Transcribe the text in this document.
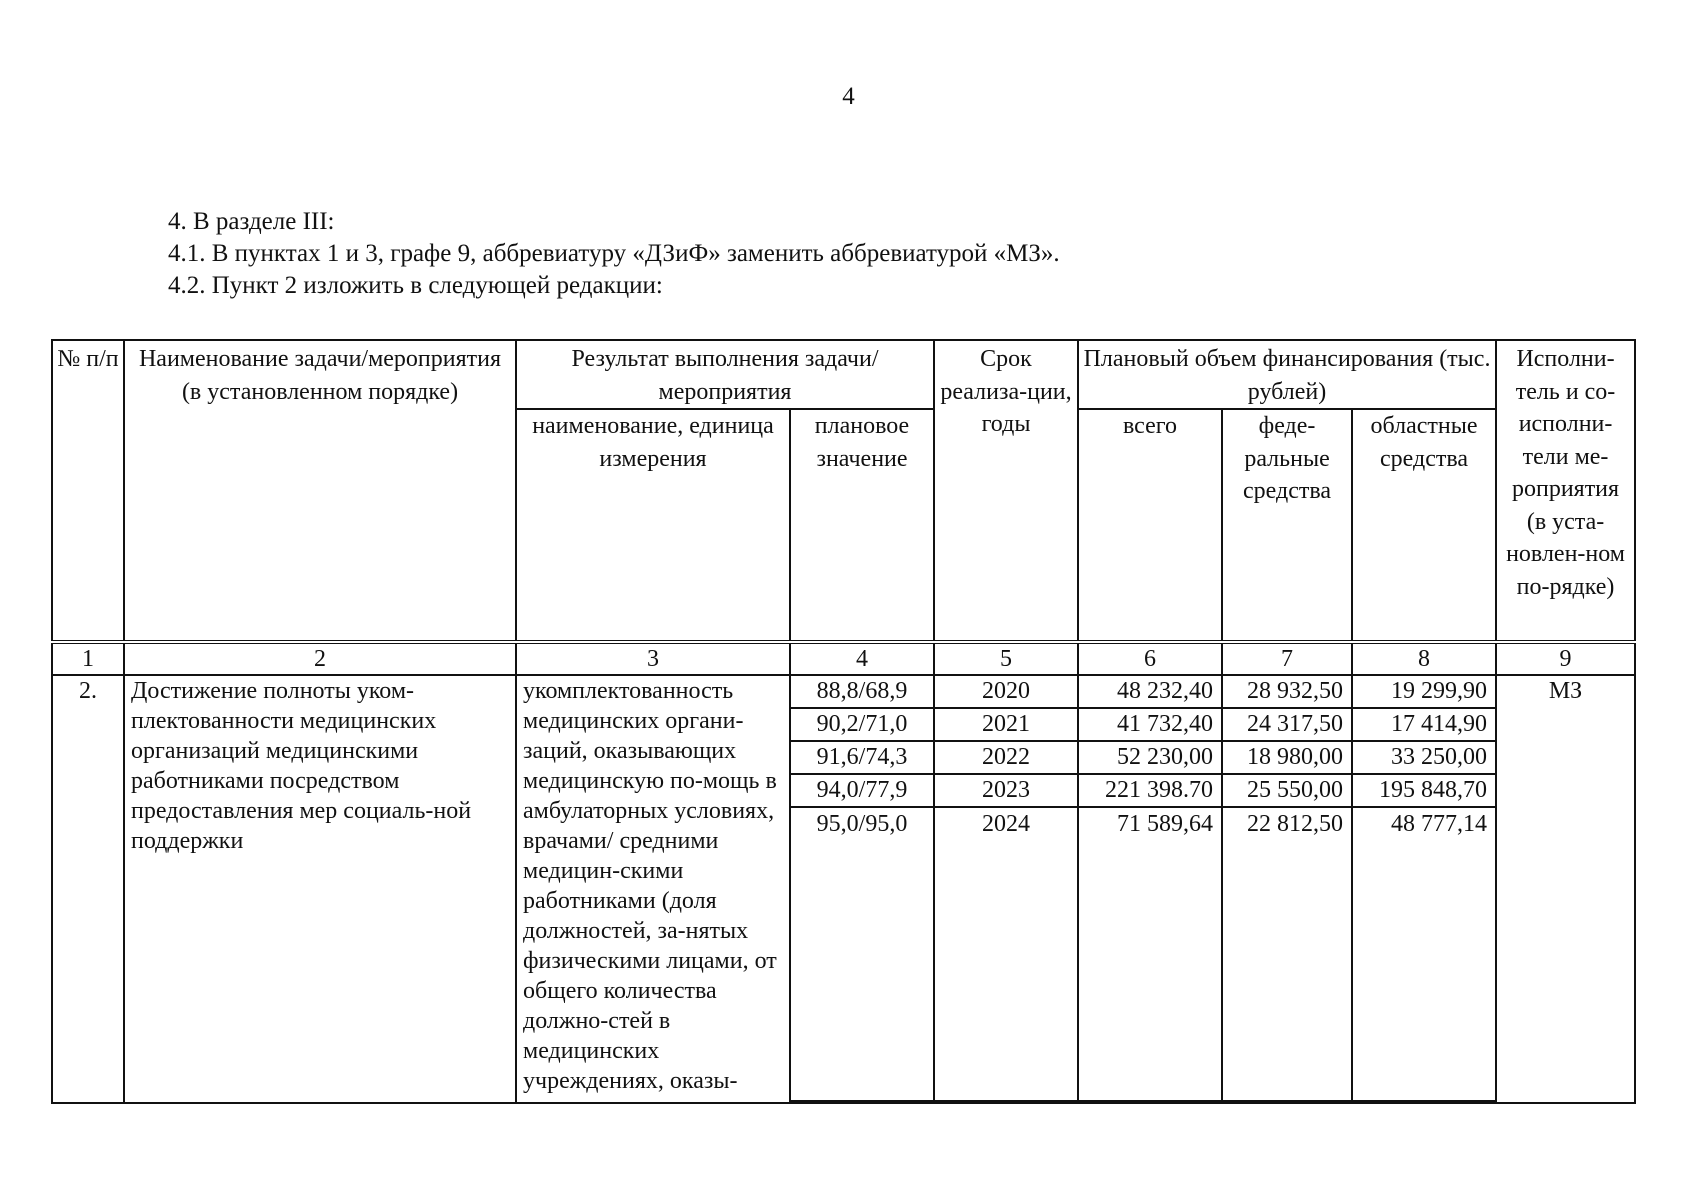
4
4. В разделе III:
4.1. В пунктах 1 и 3, графе 9, аббревиатуру «ДЗиФ» заменить аббревиатурой «МЗ».
4.2. Пункт 2 изложить в следующей редакции:
№ п/п	Наименование задачи/мероприятия (в установленном порядке)	Результат выполнения задачи/мероприятия		Срок реализа-ции, годы	Плановый объем финансирования (тыс. рублей)			Исполни-тель и со-исполни-тели ме-роприятия (в уста-новлен-ном по-рядке)
		наименование, единица измерения	плановое значение		всего	феде-ральные средства	областные средства	
1	2	3	4	5	6	7	8	9
2.	Достижение полноты уком-плектованности медицинских организаций медицинскими работниками посредством предоставления мер социаль-ной поддержки	укомплектованность медицинских органи-заций, оказывающих медицинскую по-мощь в амбулаторных условиях, врачами/ средними медицин-скими работниками (доля должностей, за-нятых физическими лицами, от общего количества должно-стей в медицинских учреждениях, оказы-	88,8/68,9	2020	48 232,40	28 932,50	19 299,90	МЗ
			90,2/71,0	2021	41 732,40	24 317,50	17 414,90	
			91,6/74,3	2022	52 230,00	18 980,00	33 250,00	
			94,0/77,9	2023	221 398.70	25 550,00	195 848,70	
			95,0/95,0	2024	71 589,64	22 812,50	48 777,14	
